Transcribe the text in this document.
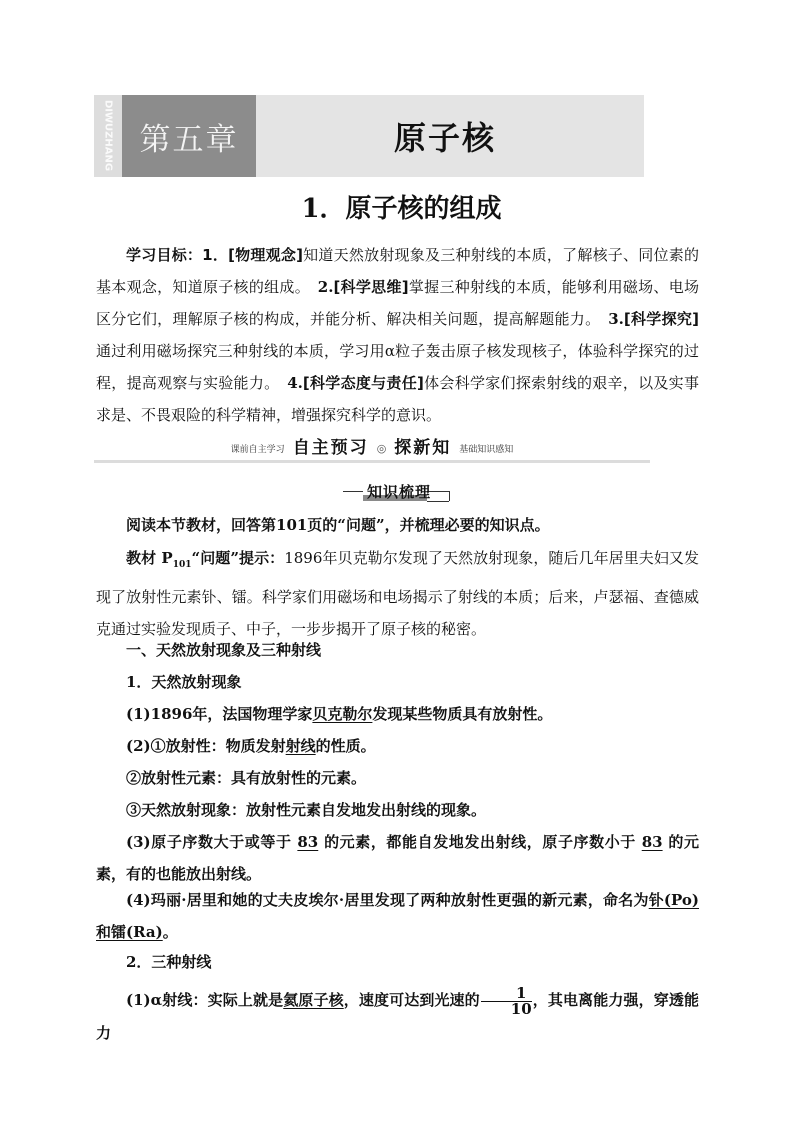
DIWUZHANG 第五章	原子核
1．原子核的组成
学习目标：1．[物理观念]知道天然放射现象及三种射线的本质，了解核子、同位素的基本观念，知道原子核的组成。　 2.[科学思维]掌握三种射线的本质，能够利用磁场、电场区分它们，理解原子核的构成，并能分析、解决相关问题，提高解题能力。　 3.[科学探究]通过利用磁场探究三种射线的本质，学习用α粒子轰击原子核发现核子，体验科学探究的过程，提高观察与实验能力。　 4.[科学态度与责任]体会科学家们探索射线的艰辛，以及实事求是、不畏艰险的科学精神，增强探究科学的意识。
课前自主学习 自主预习 ◎ 探新知 基础知识感知
知识梳理
阅读本节教材，回答第101页的“问题”，并梳理必要的知识点。
教材 $P_{101}“$问题”提示：1896年贝克勒尔发现了天然放射现象，随后几年居里夫妇又发现了放射性元素钋、镭。科学家们用磁场和电场揭示了射线的本质；后来，卢瑟福、查德威克通过实验发现质子、中子，一步步揭开了原子核的秘密。
一、天然放射现象及三种射线
1．天然放射现象
(1)1896年，法国物理学家贝克勒尔发现某些物质具有放射性。
(2)①放射性：物质发射射线的性质。
②放射性元素：具有放射性的元素。
③天然放射现象：放射性元素自发地发出射线的现象。
(3)原子序数大于或等于 83 的元素，都能自发地发出射线，原子序数小于 83 的元素，有的也能放出射线。
(4)玛丽·居里和她的丈夫皮埃尔·居里发现了两种放射性更强的新元素，命名为钋(Po)和镭(Ra)。
2．三种射线
(1)α射线：实际上就是氦原子核，速度可达到光速的 $\frac{1}{10}$ ，其电离能力强，穿透能力
